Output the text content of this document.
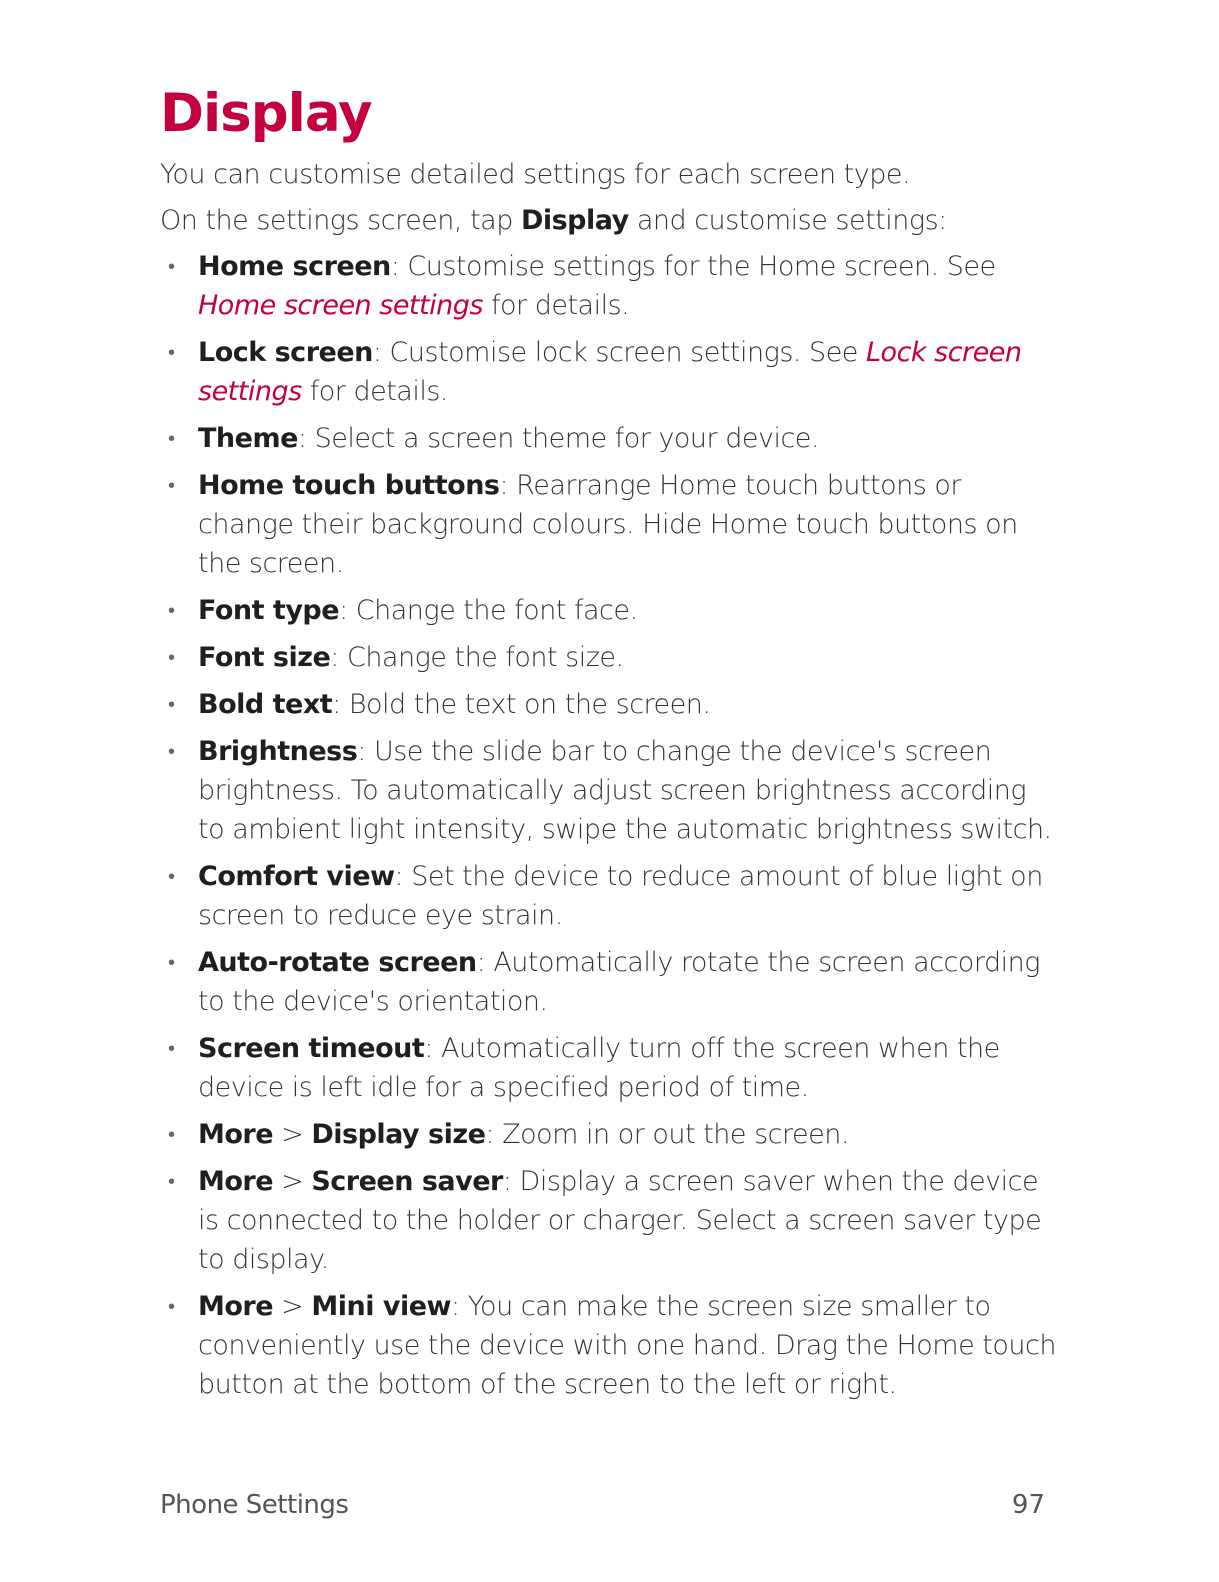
Display

You can customise detailed settings for each screen type.

On the settings screen, tap Display and customise settings:

• Home screen: Customise settings for the Home screen. See Home screen settings for details.
• Lock screen: Customise lock screen settings. See Lock screen settings for details.
• Theme: Select a screen theme for your device.
• Home touch buttons: Rearrange Home touch buttons or change their background colours. Hide Home touch buttons on the screen.
• Font type: Change the font face.
• Font size: Change the font size.
• Bold text: Bold the text on the screen.
• Brightness: Use the slide bar to change the device's screen brightness. To automatically adjust screen brightness according to ambient light intensity, swipe the automatic brightness switch.
• Comfort view: Set the device to reduce amount of blue light on screen to reduce eye strain.
• Auto-rotate screen: Automatically rotate the screen according to the device's orientation.
• Screen timeout: Automatically turn off the screen when the device is left idle for a specified period of time.
• More > Display size: Zoom in or out the screen.
• More > Screen saver: Display a screen saver when the device is connected to the holder or charger. Select a screen saver type to display.
• More > Mini view: You can make the screen size smaller to conveniently use the device with one hand. Drag the Home touch button at the bottom of the screen to the left or right.
Phone Settings	97
